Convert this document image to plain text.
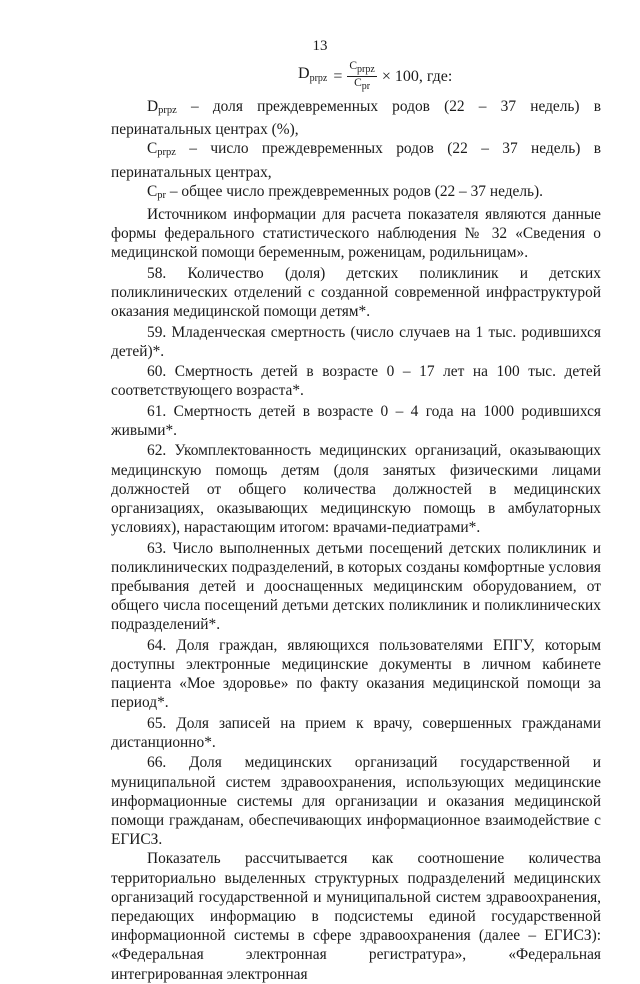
13
$D_{prpz} = \frac{\text{Cprpz}}{\text{Cpr}} \times 100$, где:

Dprpz – доля преждевременных родов (22 – 37 недель) в перинатальных центрах (%),

Cprpz – число преждевременных родов (22 – 37 недель) в перинатальных центрах,

Cpr – общее число преждевременных родов (22 – 37 недель).

Источником информации для расчета показателя являются данные формы федерального статистического наблюдения № 32 «Сведения о медицинской помощи беременным, роженицам, родильницам».

58. Количество (доля) детских поликлиник и детских поликлинических отделений с созданной современной инфраструктурой оказания медицинской помощи детям*.

59. Младенческая смертность (число случаев на 1 тыс. родившихся детей)*.

60. Смертность детей в возрасте 0 – 17 лет на 100 тыс. детей соответствующего возраста*.

61. Смертность детей в возрасте 0 – 4 года на 1000 родившихся живыми*.

62. Укомплектованность медицинских организаций, оказывающих медицинскую помощь детям (доля занятых физическими лицами должностей от общего количества должностей в медицинских организациях, оказывающих медицинскую помощь в амбулаторных условиях), нарастающим итогом: врачами-педиатрами*.

63. Число выполненных детьми посещений детских поликлиник и поликлинических подразделений, в которых созданы комфортные условия пребывания детей и дооснащенных медицинским оборудованием, от общего числа посещений детьми детских поликлиник и поликлинических подразделений*.

64. Доля граждан, являющихся пользователями ЕПГУ, которым доступны электронные медицинские документы в личном кабинете пациента «Мое здоровье» по факту оказания медицинской помощи за период*.

65. Доля записей на прием к врачу, совершенных гражданами дистанционно*.

66. Доля медицинских организаций государственной и муниципальной систем здравоохранения, использующих медицинские информационные системы для организации и оказания медицинской помощи гражданам, обеспечивающих информационное взаимодействие с ЕГИСЗ.

Показатель рассчитывается как соотношение количества территориально выделенных структурных подразделений медицинских организаций государственной и муниципальной систем здравоохранения, передающих информацию в подсистемы единой государственной информационной системы в сфере здравоохранения (далее – ЕГИСЗ): «Федеральная электронная регистратура», «Федеральная интегрированная электронная
